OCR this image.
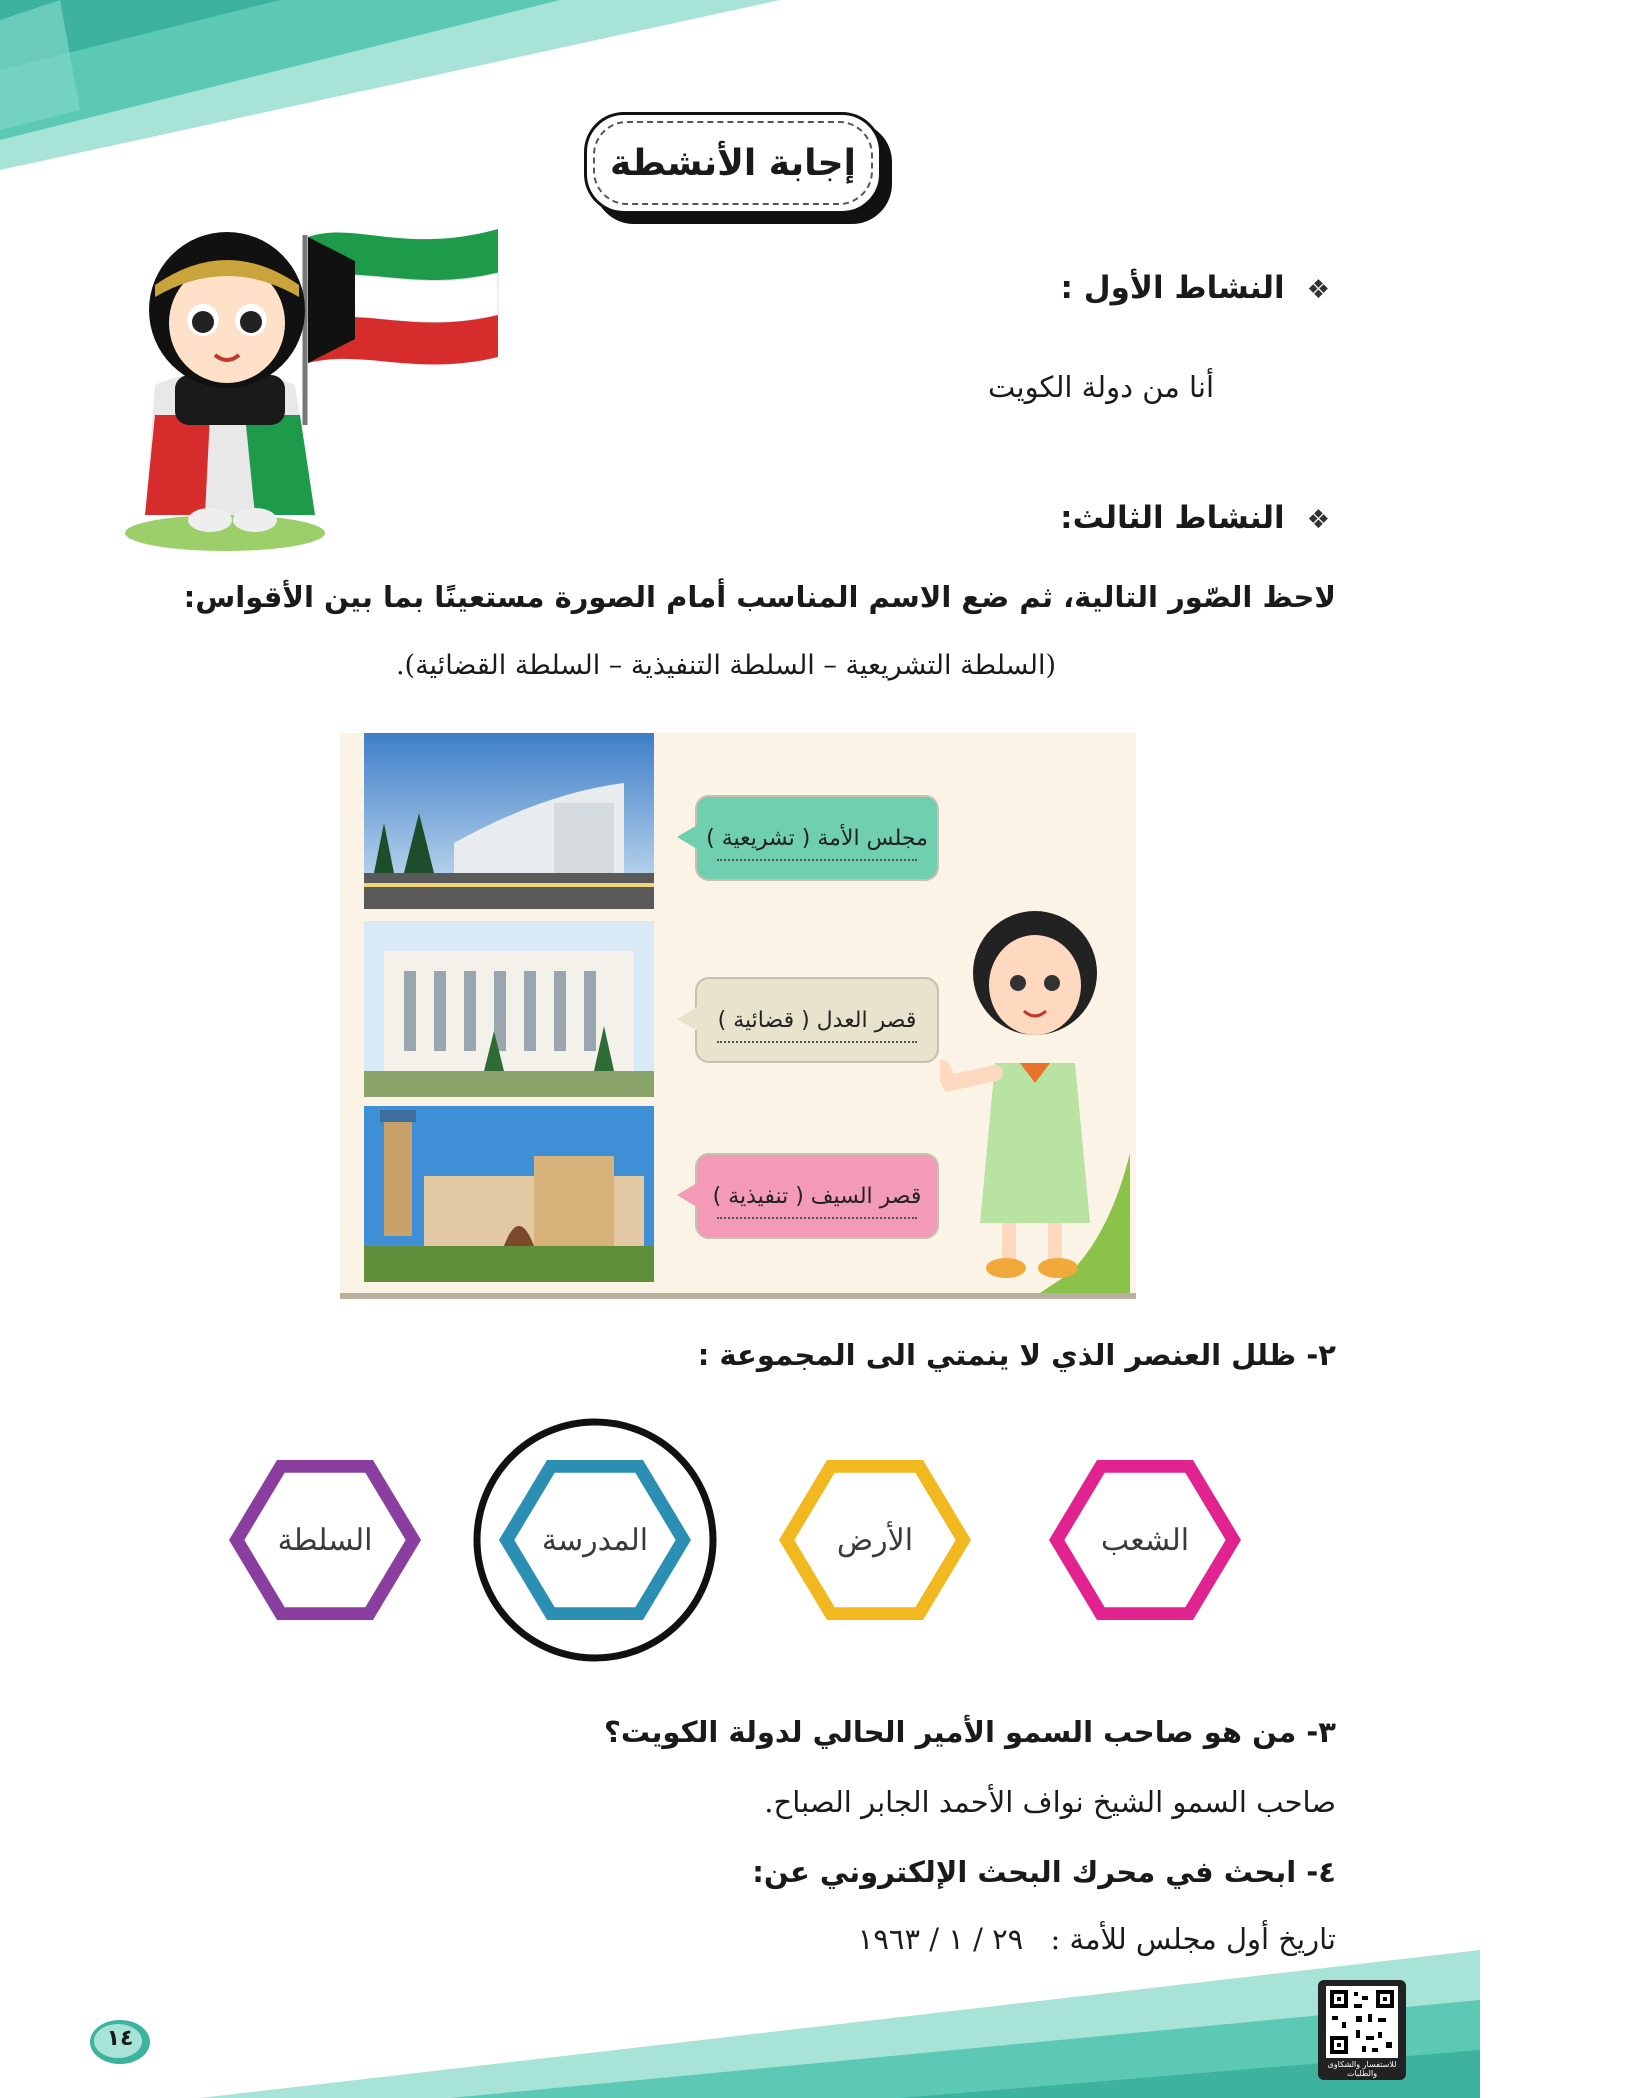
إجابة الأنشطة
❖النشاط الأول :
أنا من دولة الكويت
❖النشاط الثالث:
لاحظ الصّور التالية، ثم ضع الاسم المناسب أمام الصورة مستعينًا بما بين الأقواس:
(السلطة التشريعية – السلطة التنفيذية – السلطة القضائية).
مجلس الأمة ( تشريعية )
قصر العدل ( قضائية )
قصر السيف ( تنفيذية )
٢- ظلل العنصر الذي لا ينمتي الى المجموعة :
الشعب
الأرض
المدرسة
السلطة
٣- من هو صاحب السمو الأمير الحالي لدولة الكويت؟
صاحب السمو الشيخ نواف الأحمد الجابر الصباح.
٤- ابحث في محرك البحث الإلكتروني عن:
تاريخ أول مجلس للأمة : ٢٩ / ١ / ١٩٦٣
١٤
للاستفسار والشكاوى والطلبات
